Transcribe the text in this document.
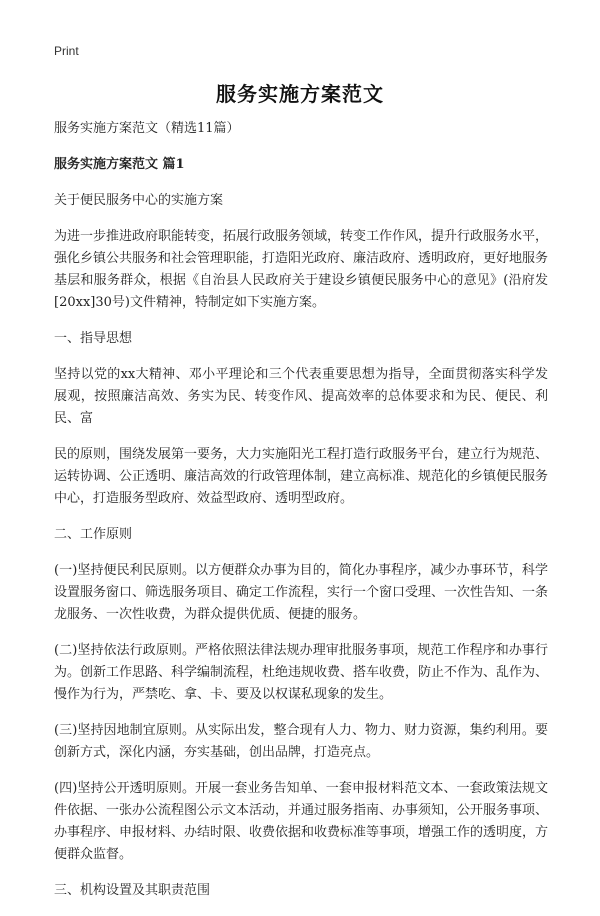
Print
服务实施方案范文

服务实施方案范文（精选11篇）

服务实施方案范文 篇1

关于便民服务中心的实施方案

为进一步推进政府职能转变，拓展行政服务领域，转变工作作风，提升行政服务水平，强化乡镇公共服务和社会管理职能，打造阳光政府、廉洁政府、透明政府，更好地服务基层和服务群众，根据《自治县人民政府关于建设乡镇便民服务中心的意见》(沿府发[20xx]30号)文件精神，特制定如下实施方案。

一、指导思想

坚持以党的xx大精神、邓小平理论和三个代表重要思想为指导，全面贯彻落实科学发展观，按照廉洁高效、务实为民、转变作风、提高效率的总体要求和为民、便民、利民、富

民的原则，围绕发展第一要务，大力实施阳光工程打造行政服务平台，建立行为规范、运转协调、公正透明、廉洁高效的行政管理体制，建立高标准、规范化的乡镇便民服务中心，打造服务型政府、效益型政府、透明型政府。

二、工作原则

(一)坚持便民利民原则。以方便群众办事为目的，简化办事程序，减少办事环节，科学设置服务窗口、筛选服务项目、确定工作流程，实行一个窗口受理、一次性告知、一条龙服务、一次性收费，为群众提供优质、便捷的服务。

(二)坚持依法行政原则。严格依照法律法规办理审批服务事项，规范工作程序和办事行为。创新工作思路、科学编制流程，杜绝违规收费、搭车收费，防止不作为、乱作为、慢作为行为，严禁吃、拿、卡、要及以权谋私现象的发生。

(三)坚持因地制宜原则。从实际出发，整合现有人力、物力、财力资源，集约利用。要创新方式，深化内涵，夯实基础，创出品牌，打造亮点。

(四)坚持公开透明原则。开展一套业务告知单、一套申报材料范文本、一套政策法规文件依据、一张办公流程图公示文本活动，并通过服务指南、办事须知，公开服务事项、办事程序、申报材料、办结时限、收费依据和收费标准等事项，增强工作的透明度，方便群众监督。

三、机构设置及其职责范围
